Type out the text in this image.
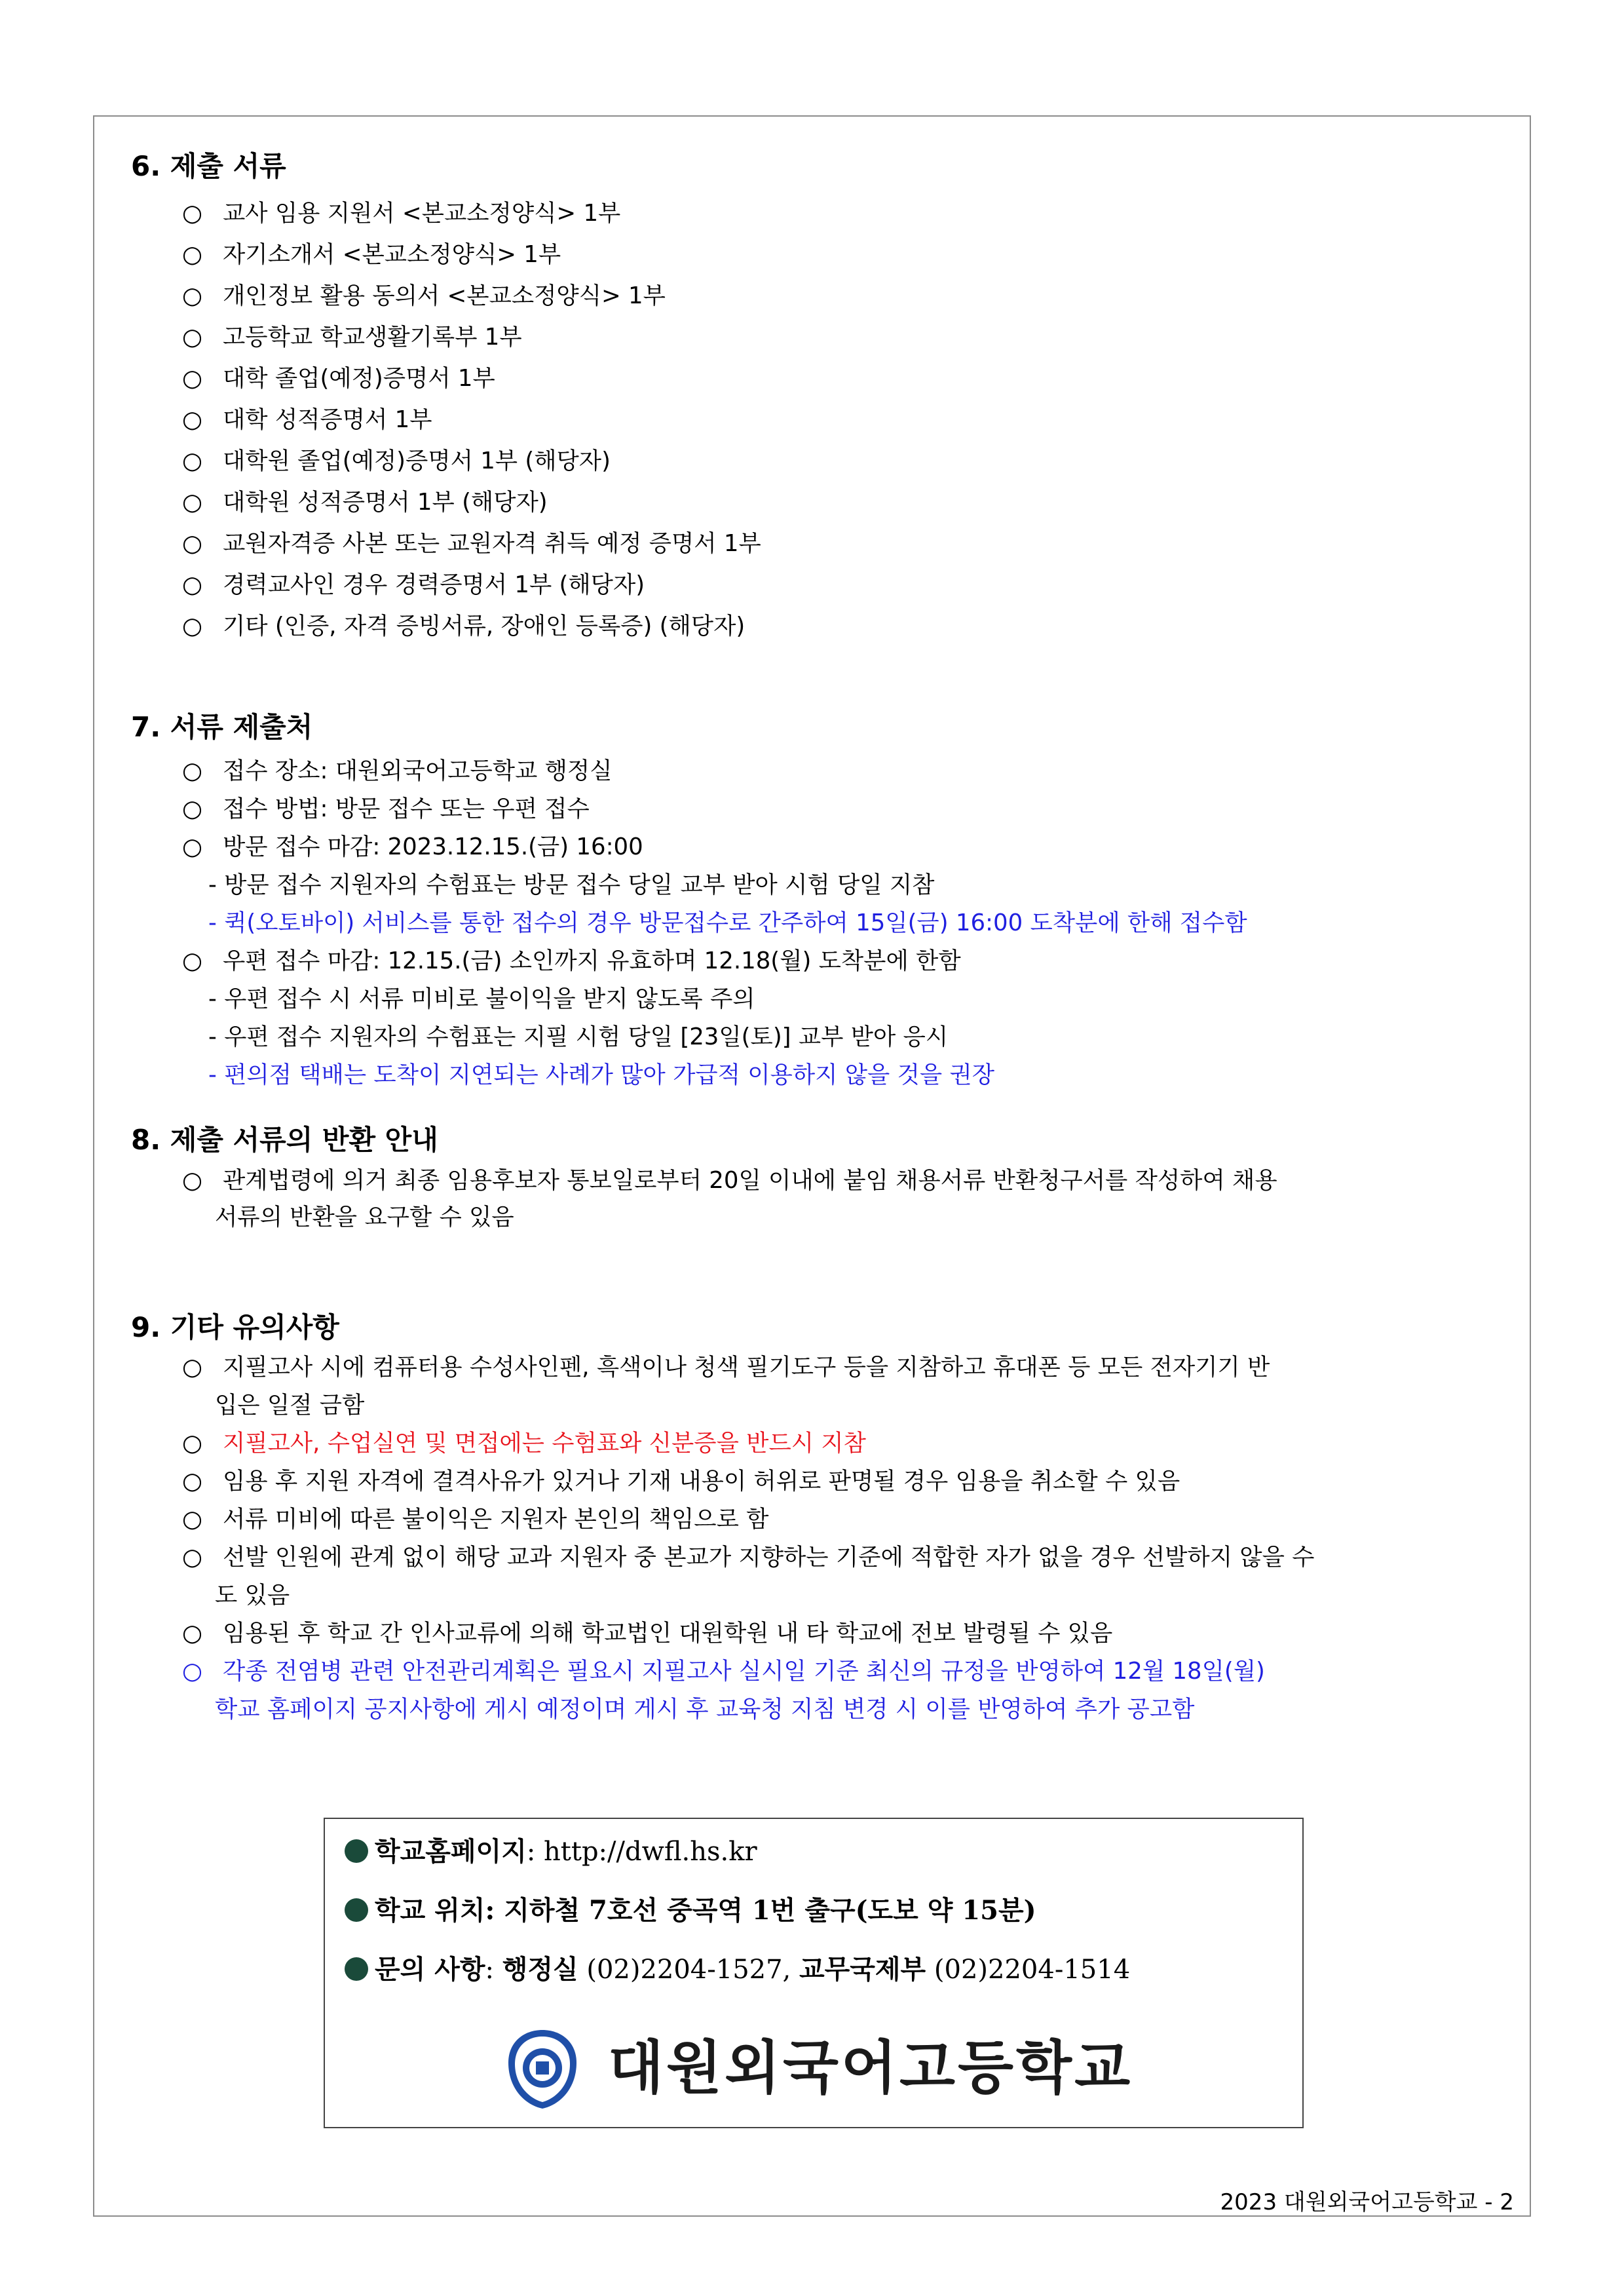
6. 제출 서류
○ 교사 임용 지원서 <본교소정양식> 1부
○ 자기소개서 <본교소정양식> 1부
○ 개인정보 활용 동의서 <본교소정양식> 1부
○ 고등학교 학교생활기록부 1부
○ 대학 졸업(예정)증명서 1부
○ 대학 성적증명서 1부
○ 대학원 졸업(예정)증명서 1부 (해당자)
○ 대학원 성적증명서 1부 (해당자)
○ 교원자격증 사본 또는 교원자격 취득 예정 증명서 1부
○ 경력교사인 경우 경력증명서 1부 (해당자)
○ 기타 (인증, 자격 증빙서류, 장애인 등록증) (해당자)
7. 서류 제출처
○ 접수 장소: 대원외국어고등학교 행정실
○ 접수 방법: 방문 접수 또는 우편 접수
○ 방문 접수 마감: 2023.12.15.(금) 16:00
- 방문 접수 지원자의 수험표는 방문 접수 당일 교부 받아 시험 당일 지참
- 퀵(오토바이) 서비스를 통한 접수의 경우 방문접수로 간주하여 15일(금) 16:00 도착분에 한해 접수함
○ 우편 접수 마감: 12.15.(금) 소인까지 유효하며 12.18(월) 도착분에 한함
- 우편 접수 시 서류 미비로 불이익을 받지 않도록 주의
- 우편 접수 지원자의 수험표는 지필 시험 당일 [23일(토)] 교부 받아 응시
- 편의점 택배는 도착이 지연되는 사례가 많아 가급적 이용하지 않을 것을 권장
8. 제출 서류의 반환 안내
○ 관계법령에 의거 최종 임용후보자 통보일로부터 20일 이내에 붙임 채용서류 반환청구서를 작성하여 채용
서류의 반환을 요구할 수 있음
9. 기타 유의사항
○ 지필고사 시에 컴퓨터용 수성사인펜, 흑색이나 청색 필기도구 등을 지참하고 휴대폰 등 모든 전자기기 반
입은 일절 금함
○ 지필고사, 수업실연 및 면접에는 수험표와 신분증을 반드시 지참
○ 임용 후 지원 자격에 결격사유가 있거나 기재 내용이 허위로 판명될 경우 임용을 취소할 수 있음
○ 서류 미비에 따른 불이익은 지원자 본인의 책임으로 함
○ 선발 인원에 관계 없이 해당 교과 지원자 중 본교가 지향하는 기준에 적합한 자가 없을 경우 선발하지 않을 수
도 있음
○ 임용된 후 학교 간 인사교류에 의해 학교법인 대원학원 내 타 학교에 전보 발령될 수 있음
○ 각종 전염병 관련 안전관리계획은 필요시 지필고사 실시일 기준 최신의 규정을 반영하여 12월 18일(월)
학교 홈페이지 공지사항에 게시 예정이며 게시 후 교육청 지침 변경 시 이를 반영하여 추가 공고함
학교홈페이지: http://dwfl.hs.kr
학교 위치: 지하철 7호선 중곡역 1번 출구(도보 약 15분)
문의 사항: 행정실 (02)2204-1527, 교무국제부 (02)2204-1514
대원외국어고등학교
2023 대원외국어고등학교 - 2
